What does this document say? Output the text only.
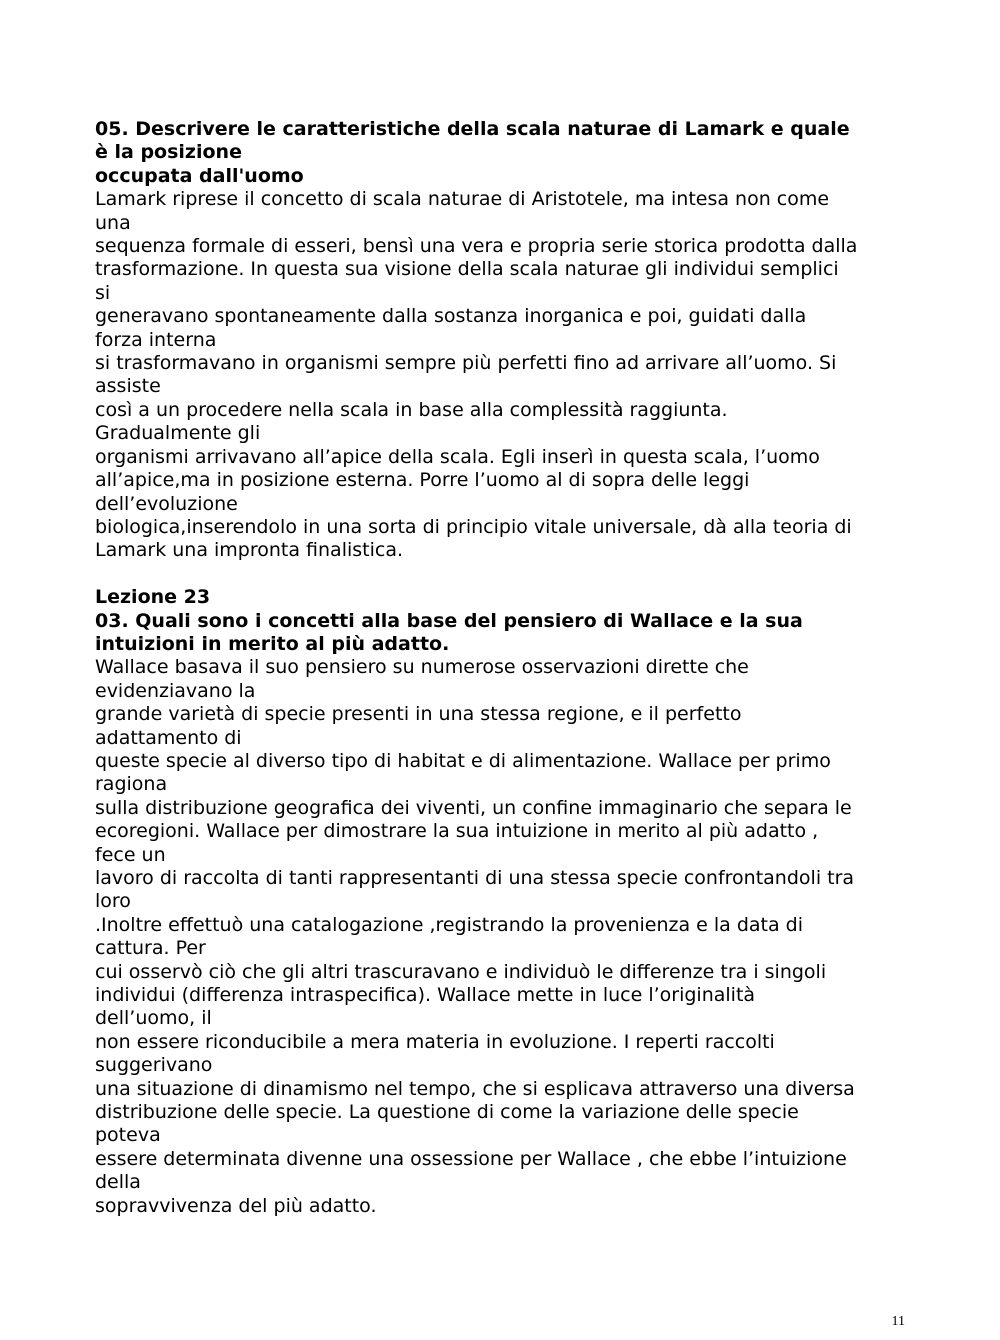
05. Descrivere le caratteristiche della scala naturae di Lamark e quale
è la posizione
occupata dall'uomo
Lamark riprese il concetto di scala naturae di Aristotele, ma intesa non come
una
sequenza formale di esseri, bensì una vera e propria serie storica prodotta dalla
trasformazione. In questa sua visione della scala naturae gli individui semplici
si
generavano spontaneamente dalla sostanza inorganica e poi, guidati dalla
forza interna
si trasformavano in organismi sempre più perfetti fino ad arrivare all’uomo. Si
assiste
così a un procedere nella scala in base alla complessità raggiunta.
Gradualmente gli
organismi arrivavano all’apice della scala. Egli inserì in questa scala, l’uomo
all’apice,ma in posizione esterna. Porre l’uomo al di sopra delle leggi
dell’evoluzione
biologica,inserendolo in una sorta di principio vitale universale, dà alla teoria di
Lamark una impronta finalistica.
Lezione 23
03. Quali sono i concetti alla base del pensiero di Wallace e la sua
intuizioni in merito al più adatto.
Wallace basava il suo pensiero su numerose osservazioni dirette che
evidenziavano la
grande varietà di specie presenti in una stessa regione, e il perfetto
adattamento di
queste specie al diverso tipo di habitat e di alimentazione. Wallace per primo
ragiona
sulla distribuzione geografica dei viventi, un confine immaginario che separa le
ecoregioni. Wallace per dimostrare la sua intuizione in merito al più adatto ,
fece un
lavoro di raccolta di tanti rappresentanti di una stessa specie confrontandoli tra
loro
.Inoltre effettuò una catalogazione ,registrando la provenienza e la data di
cattura. Per
cui osservò ciò che gli altri trascuravano e individuò le differenze tra i singoli
individui (differenza intraspecifica). Wallace mette in luce l’originalità
dell’uomo, il
non essere riconducibile a mera materia in evoluzione. I reperti raccolti
suggerivano
una situazione di dinamismo nel tempo, che si esplicava attraverso una diversa
distribuzione delle specie. La questione di come la variazione delle specie
poteva
essere determinata divenne una ossessione per Wallace , che ebbe l’intuizione
della
sopravvivenza del più adatto.
11
